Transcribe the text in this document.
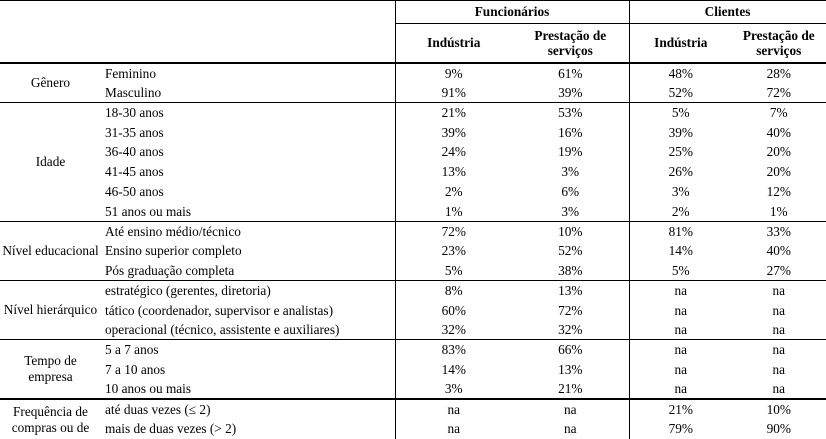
		Funcionários		Clientes	
		Indústria	Prestação de serviços	Indústria	Prestação de serviços
Gênero	Feminino	9%	61%	48%	28%
	Masculino	91%	39%	52%	72%
Idade	18-30 anos	21%	53%	5%	7%
	31-35 anos	39%	16%	39%	40%
	36-40 anos	24%	19%	25%	20%
	41-45 anos	13%	3%	26%	20%
	46-50 anos	2%	6%	3%	12%
	51 anos ou mais	1%	3%	2%	1%
Nível educacional	Até ensino médio/técnico	72%	10%	81%	33%
	Ensino superior completo	23%	52%	14%	40%
	Pós graduação completa	5%	38%	5%	27%
Nível hierárquico	estratégico (gerentes, diretoria)	8%	13%	na	na
	tático (coordenador, supervisor e analistas)	60%	72%	na	na
	operacional (técnico, assistente e auxiliares)	32%	32%	na	na
Tempo de empresa	5 a 7 anos	83%	66%	na	na
	7 a 10 anos	14%	13%	na	na
	10 anos ou mais	3%	21%	na	na
Frequência de compras ou de	até duas vezes (≤ 2)	na	na	21%	10%
	mais de duas vezes (> 2)	na	na	79%	90%
